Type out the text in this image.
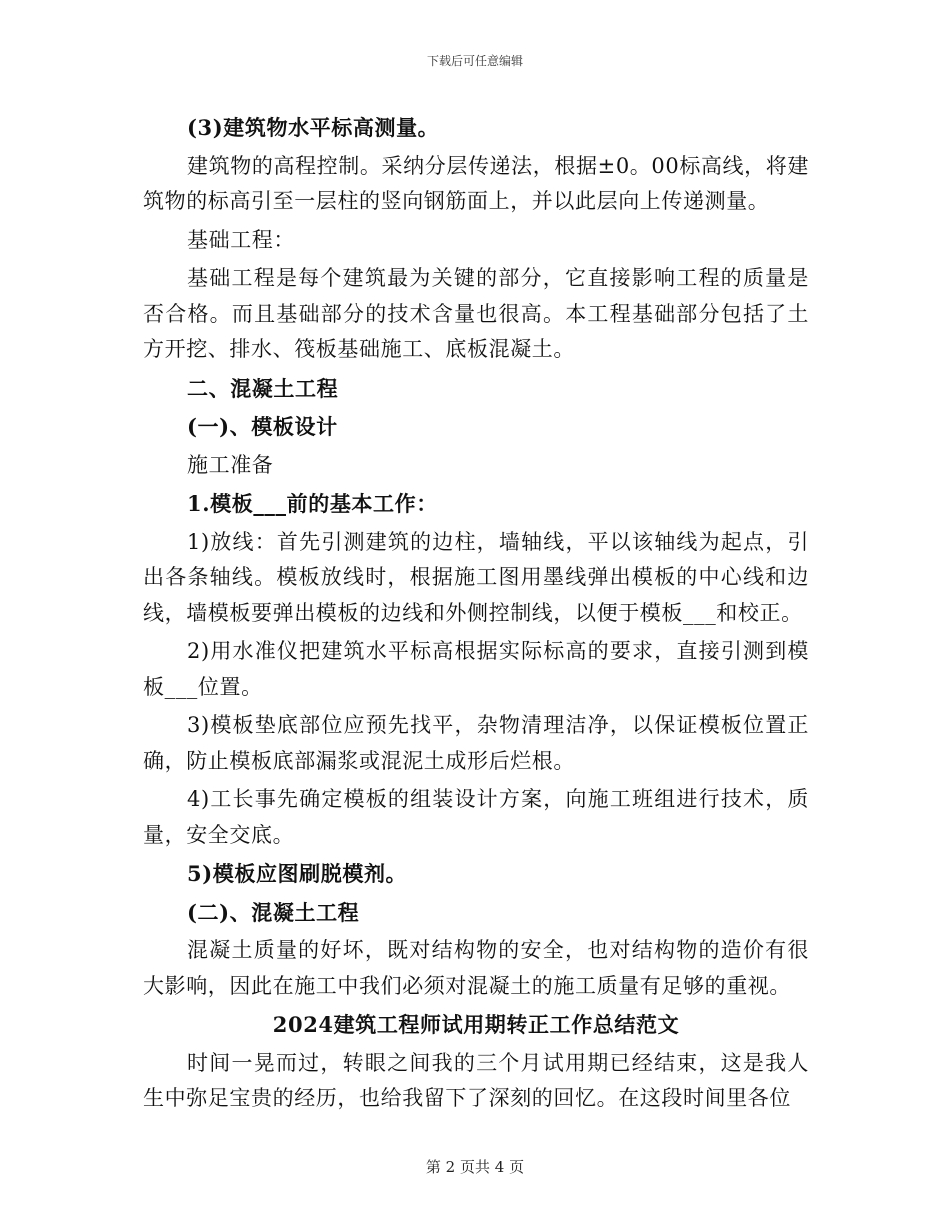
下载后可任意编辑

(3)建筑物水平标高测量。

建筑物的高程控制。采纳分层传递法，根据±0。00标高线，将建筑物的标高引至一层柱的竖向钢筋面上，并以此层向上传递测量。

基础工程：

基础工程是每个建筑最为关键的部分，它直接影响工程的质量是否合格。而且基础部分的技术含量也很高。本工程基础部分包括了土方开挖、排水、筏板基础施工、底板混凝土。

二、混凝土工程

(一)、模板设计

施工准备

1.模板___前的基本工作：

1)放线：首先引测建筑的边柱，墙轴线，平以该轴线为起点，引出各条轴线。模板放线时，根据施工图用墨线弹出模板的中心线和边线，墙模板要弹出模板的边线和外侧控制线，以便于模板___和校正。

2)用水准仪把建筑水平标高根据实际标高的要求，直接引测到模板___位置。

3)模板垫底部位应预先找平，杂物清理洁净，以保证模板位置正确，防止模板底部漏浆或混泥土成形后烂根。

4)工长事先确定模板的组装设计方案，向施工班组进行技术，质量，安全交底。

5)模板应图刷脱模剂。

(二)、混凝土工程

混凝土质量的好坏，既对结构物的安全，也对结构物的造价有很大影响，因此在施工中我们必须对混凝土的施工质量有足够的重视。

2024建筑工程师试用期转正工作总结范文

时间一晃而过，转眼之间我的三个月试用期已经结束，这是我人生中弥足宝贵的经历，也给我留下了深刻的回忆。在这段时间里各位

第 2 页共 4 页
